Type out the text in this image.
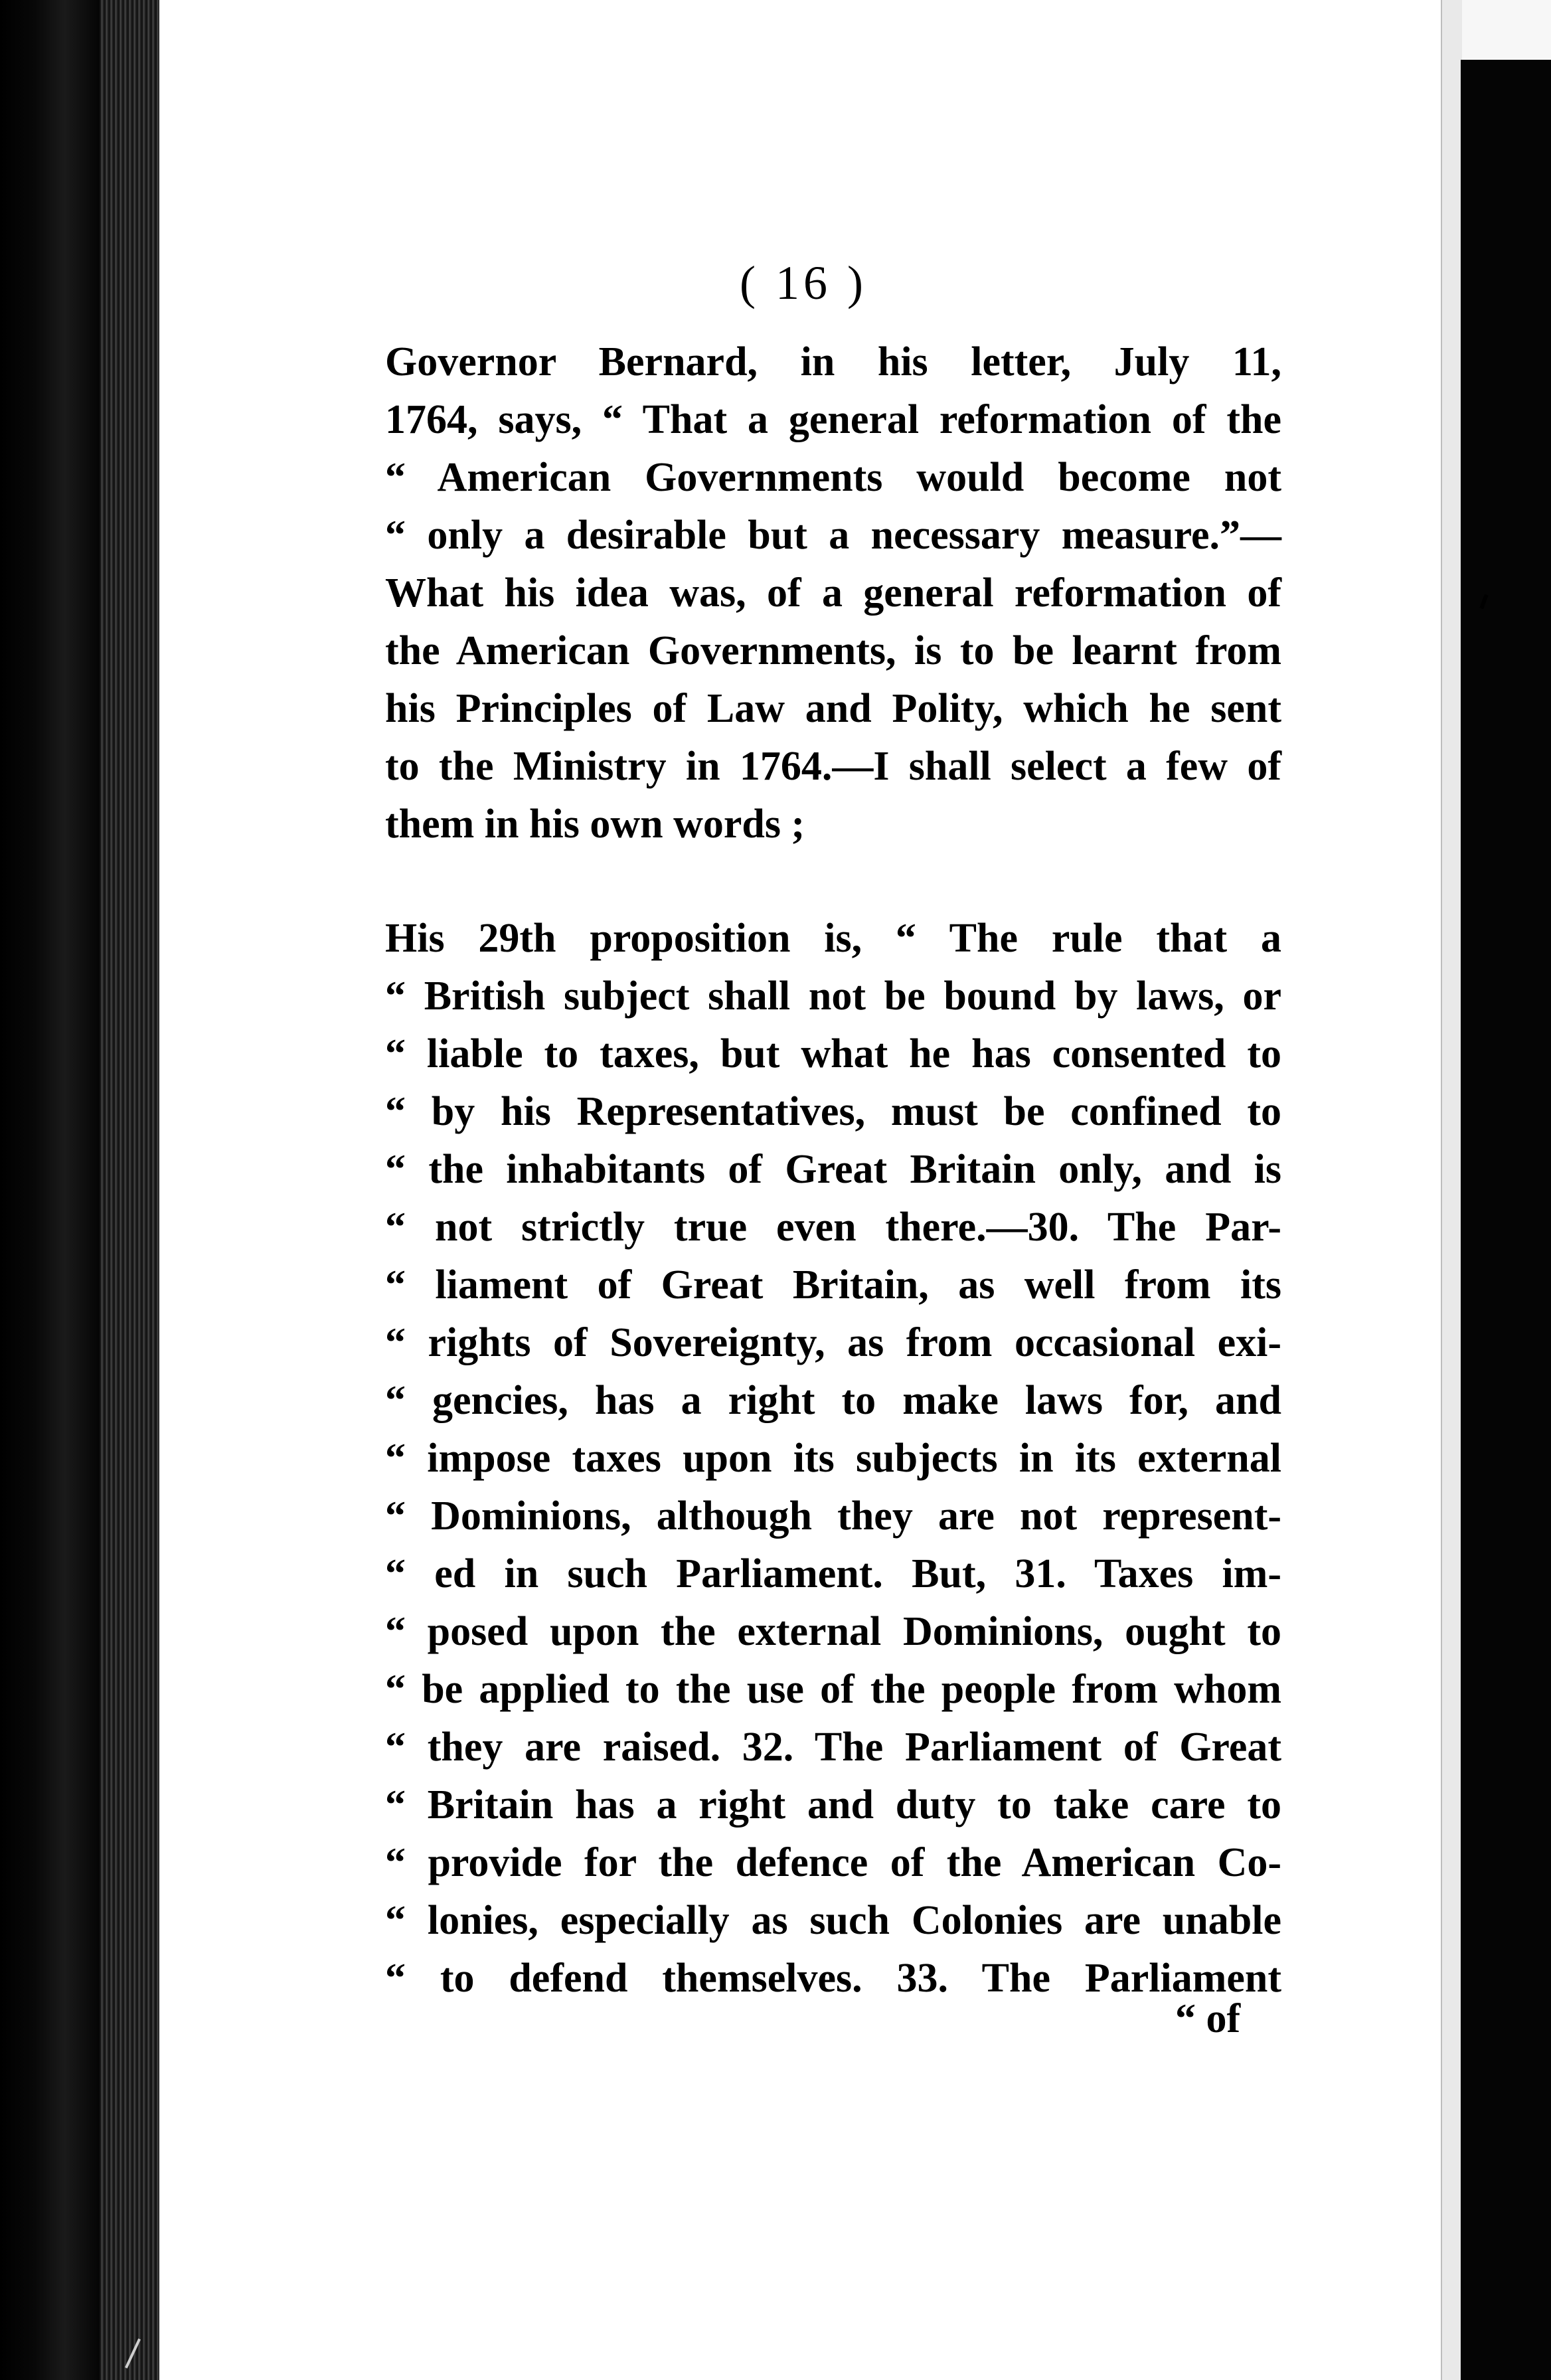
( 16 )
Governor Bernard, in his letter, July 11,
1764, says, “ That a general reformation of the
“ American Governments would become not
“ only a desirable but a necessary measure.”—
What his idea was, of a general reformation of
the American Governments, is to be learnt from
his Principles of Law and Polity, which he sent
to the Ministry in 1764.—I shall select a few of
them in his own words ;
His 29th proposition is, “ The rule that a
“ British subject shall not be bound by laws, or
“ liable to taxes, but what he has consented to
“ by his Representatives, must be confined to
“ the inhabitants of Great Britain only, and is
“ not strictly true even there.—30. The Par-
“ liament of Great Britain, as well from its
“ rights of Sovereignty, as from occasional exi-
“ gencies, has a right to make laws for, and
“ impose taxes upon its subjects in its external
“ Dominions, although they are not represent-
“ ed in such Parliament. But, 31. Taxes im-
“ posed upon the external Dominions, ought to
“ be applied to the use of the people from whom
“ they are raised. 32. The Parliament of Great
“ Britain has a right and duty to take care to
“ provide for the defence of the American Co-
“ lonies, especially as such Colonies are unable
“ to defend themselves. 33. The Parliament
“ of
